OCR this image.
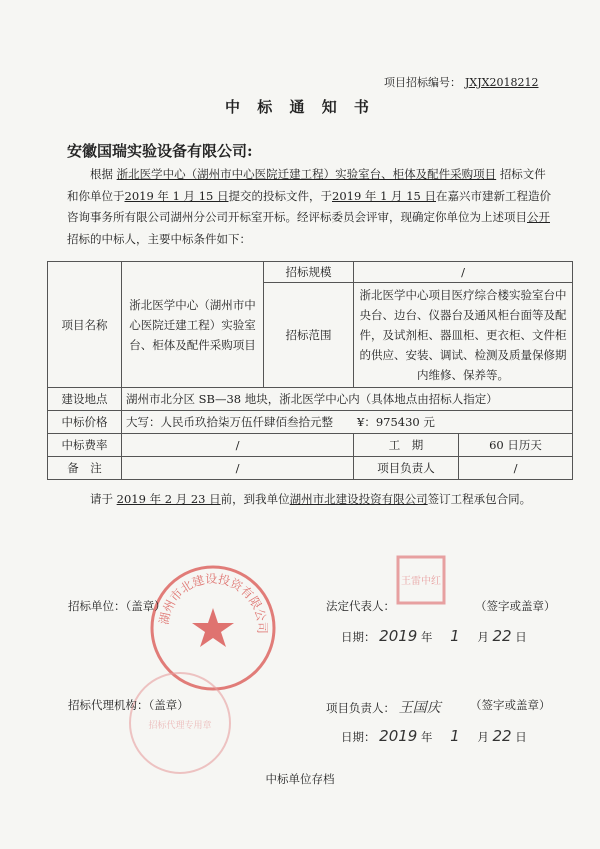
项目招标编号： JXJX2018212
中 标 通 知 书
安徽国瑞实验设备有限公司:
根据 浙北医学中心（湖州市中心医院迁建工程）实验室台、柜体及配件采购项目 招标文件和你单位于2019 年 1 月 15 日提交的投标文件，于2019 年 1 月 15 日在嘉兴市建新工程造价咨询事务所有限公司湖州分公司开标室开标。经评标委员会评审，现确定你单位为上述项目公开招标的中标人，主要中标条件如下：
项目名称	浙北医学中心（湖州市中心医院迁建工程）实验室台、柜体及配件采购项目	招标规模	/	
		招标范围	浙北医学中心项目医疗综合楼实验室台中央台、边台、仪器台及通风柜台面等及配件，及试剂柜、器皿柜、更衣柜、文件柜的供应、安装、调试、检测及质量保修期内维修、保养等。	
建设地点	湖州市北分区 SB—38 地块，浙北医学中心内（具体地点由招标人指定）			
中标价格	大写：人民币玖拾柒万伍仟肆佰叁拾元整 ¥：975430 元			
中标费率	/		工　期	60 日历天
备　注	/		项目负责人	/
请于 2019 年 2 月 23 日前，到我单位湖州市北建设投资有限公司签订工程承包合同。
湖州市北建设投资有限公司
王雷中红
招标代理专用章
招标单位：（盖章）	法定代表人：	（签字或盖章）
日期： 2019 年 1 月 22 日
招标代理机构：（盖章）	项目负责人： 王国庆	（签字或盖章）
日期： 2019 年 1 月 22 日
中标单位存档
